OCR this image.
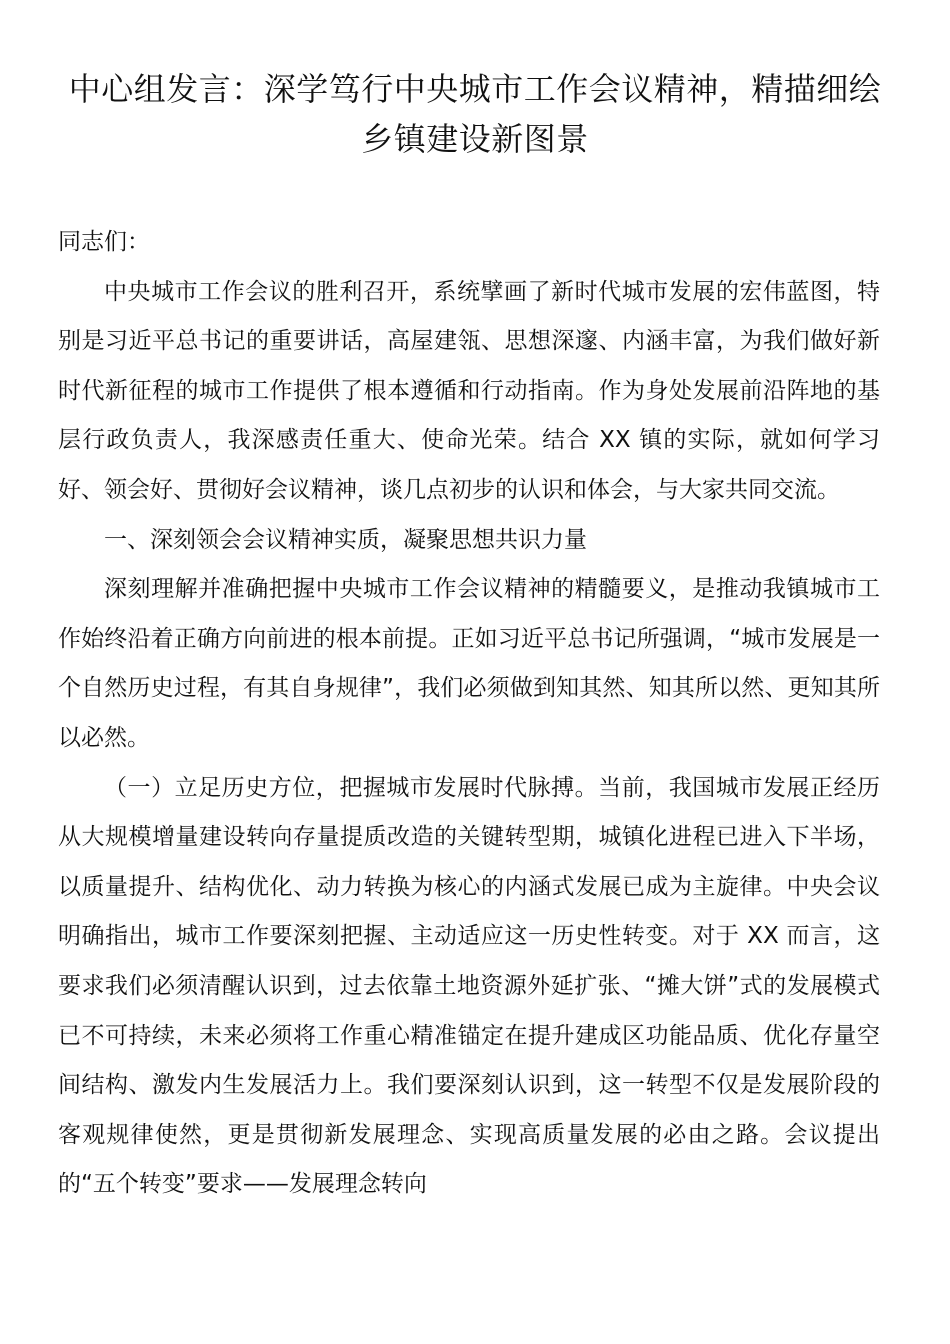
中心组发言：深学笃行中央城市工作会议精神，精描细绘乡镇建设新图景

同志们：

中央城市工作会议的胜利召开，系统擘画了新时代城市发展的宏伟蓝图，特别是习近平总书记的重要讲话，高屋建瓴、思想深邃、内涵丰富，为我们做好新时代新征程的城市工作提供了根本遵循和行动指南。作为身处发展前沿阵地的基层行政负责人，我深感责任重大、使命光荣。结合 XX 镇的实际，就如何学习好、领会好、贯彻好会议精神，谈几点初步的认识和体会，与大家共同交流。

一、深刻领会会议精神实质，凝聚思想共识力量

深刻理解并准确把握中央城市工作会议精神的精髓要义，是推动我镇城市工作始终沿着正确方向前进的根本前提。正如习近平总书记所强调，“城市发展是一个自然历史过程，有其自身规律”，我们必须做到知其然、知其所以然、更知其所以必然。

（一）立足历史方位，把握城市发展时代脉搏。当前，我国城市发展正经历从大规模增量建设转向存量提质改造的关键转型期，城镇化进程已进入下半场，以质量提升、结构优化、动力转换为核心的内涵式发展已成为主旋律。中央会议明确指出，城市工作要深刻把握、主动适应这一历史性转变。对于 XX 而言，这要求我们必须清醒认识到，过去依靠土地资源外延扩张、“摊大饼”式的发展模式已不可持续，未来必须将工作重心精准锚定在提升建成区功能品质、优化存量空间结构、激发内生发展活力上。我们要深刻认识到，这一转型不仅是发展阶段的客观规律使然，更是贯彻新发展理念、实现高质量发展的必由之路。会议提出的“五个转变”要求——发展理念转向
